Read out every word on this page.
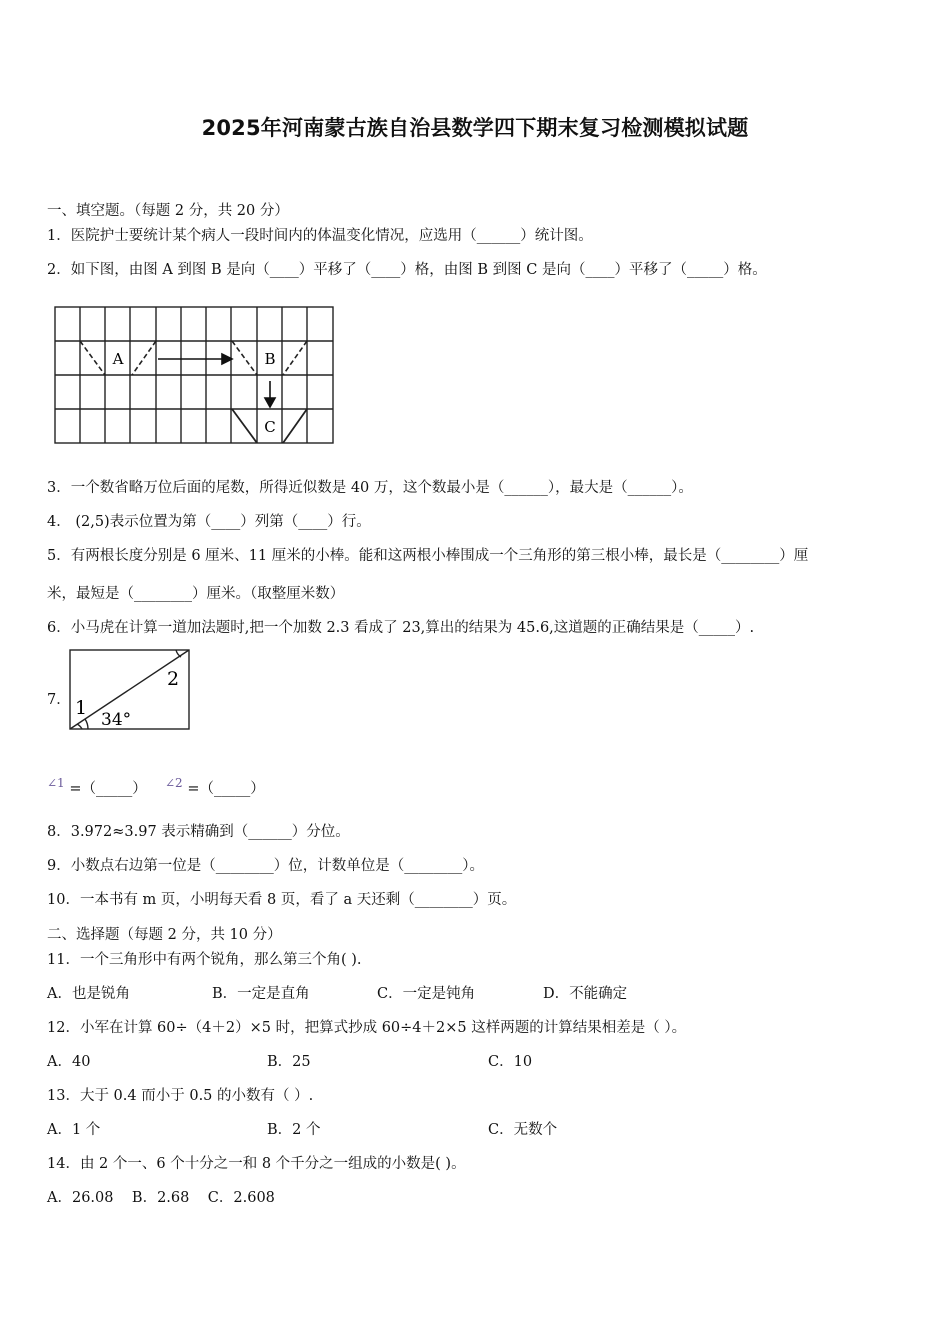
2025年河南蒙古族自治县数学四下期末复习检测模拟试题
一、填空题。（每题 2 分，共 20 分）
1．医院护士要统计某个病人一段时间内的体温变化情况，应选用（______）统计图。
2．如下图，由图 A 到图 B 是向（____）平移了（____）格，由图 B 到图 C 是向（____）平移了（_____）格。
A	B
C
3．一个数省略万位后面的尾数，所得近似数是 40 万，这个数最小是（______），最大是（______）。
4． (2,5)表示位置为第（____）列第（____）行。
5．有两根长度分别是 6 厘米、11 厘米的小棒。能和这两根小棒围成一个三角形的第三根小棒，最长是（________）厘
米，最短是（________）厘米。（取整厘米数）
6．小马虎在计算一道加法题时,把一个加数 2.3 看成了 23,算出的结果为 45.6,这道题的正确结果是（_____）.
7． 1
2
34°
∠1 =（_____） ∠2 =（_____）
8．3.972≈3.97 表示精确到（______）分位。
9．小数点右边第一位是（________）位，计数单位是（________）。
10．一本书有 m 页，小明每天看 8 页，看了 a 天还剩（________）页。
二、选择题（每题 2 分，共 10 分）
11．一个三角形中有两个锐角，那么第三个角( ).
A．也是锐角	B．一定是直角	C．一定是钝角	D．不能确定
12．小军在计算 60÷（4＋2）×5 时，把算式抄成 60÷4＋2×5 这样两题的计算结果相差是（ ）。
A．40	B．25	C．10
13．大于 0.4 而小于 0.5 的小数有（ ）.
A．1 个	B．2 个	C．无数个
14．由 2 个一、6 个十分之一和 8 个千分之一组成的小数是( )。
A．26.08    B．2.68    C．2.608
